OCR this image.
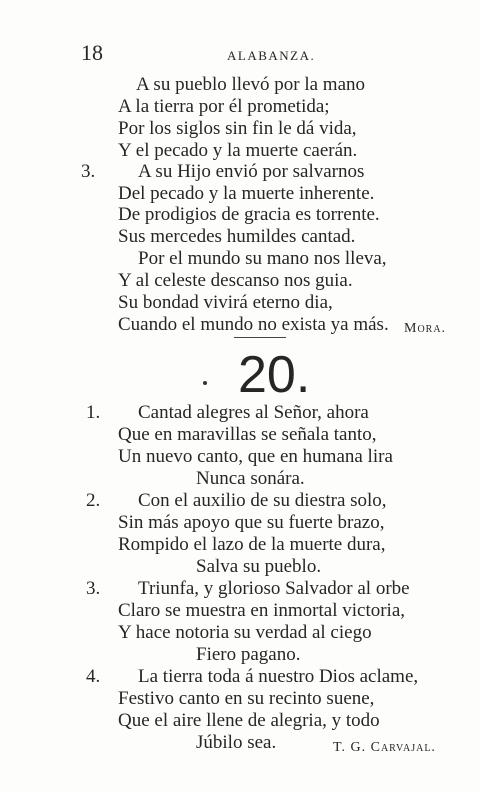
18	ALABANZA.
A su pueblo llevó por la mano
A la tierra por él prometida;
Por los siglos sin fin le dá vida,
Y el pecado y la muerte caerán.
3. A su Hijo envió por salvarnos
Del pecado y la muerte inherente.
De prodigios de gracia es torrente.
Sus mercedes humildes cantad.
Por el mundo su mano nos lleva,
Y al celeste descanso nos guia.
Su bondad vivirá eterno dia,
Cuando el mundo no exista ya más. Mora.
20.
1. Cantad alegres al Señor, ahora
Que en maravillas se señala tanto,
Un nuevo canto, que en humana lira
Nunca sonára.
2. Con el auxilio de su diestra solo,
Sin más apoyo que su fuerte brazo,
Rompido el lazo de la muerte dura,
Salva su pueblo.
3. Triunfa, y glorioso Salvador al orbe
Claro se muestra en inmortal victoria,
Y hace notoria su verdad al ciego
Fiero pagano.
4. La tierra toda á nuestro Dios aclame,
Festivo canto en su recinto suene,
Que el aire llene de alegria, y todo
Júbilo sea.	T. G. Carvajal.
